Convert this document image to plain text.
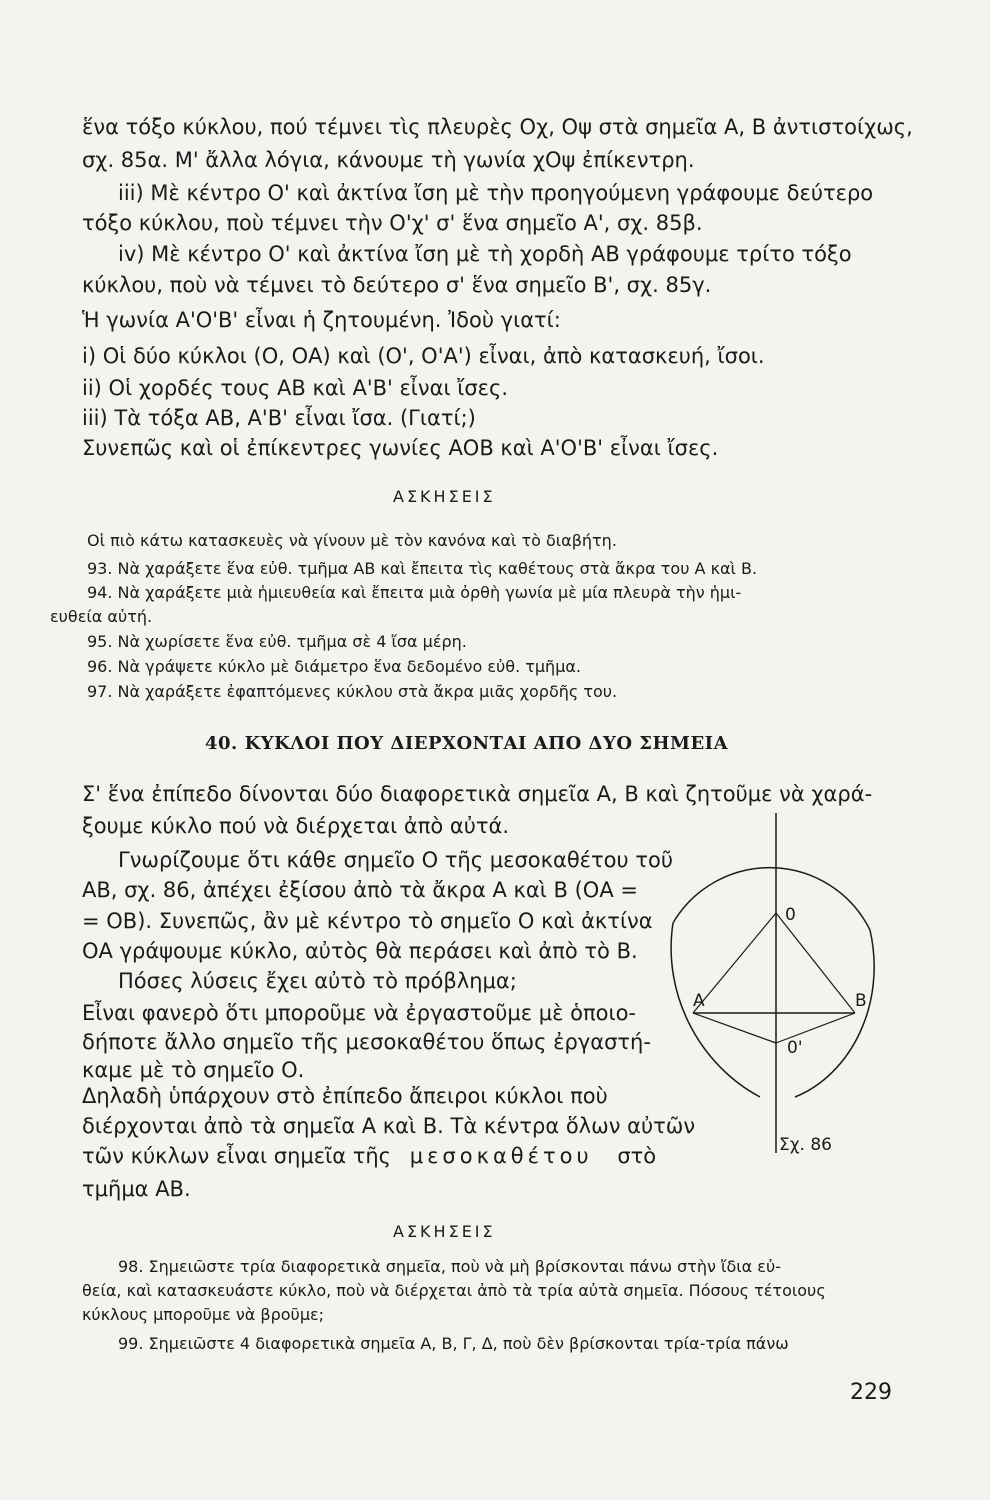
ἕνα τόξο κύκλου, πού τέμνει τὶς πλευρὲς Οχ, Οψ στὰ σημεῖα Α, Β ἀντιστοίχως,
σχ. 85α. Μ' ἄλλα λόγια, κάνουμε τὴ γωνία χΟψ ἐπίκεντρη.
iii) Μὲ κέντρο Ο' καὶ ἀκτίνα ἴση μὲ τὴν προηγούμενη γράφουμε δεύτερο
τόξο κύκλου, ποὺ τέμνει τὴν Ο'χ' σ' ἕνα σημεῖο Α', σχ. 85β.
iv) Μὲ κέντρο Ο' καὶ ἀκτίνα ἴση μὲ τὴ χορδὴ ΑΒ γράφουμε τρίτο τόξο
κύκλου, ποὺ νὰ τέμνει τὸ δεύτερο σ' ἕνα σημεῖο Β', σχ. 85γ.
Ἡ γωνία Α'Ο'Β' εἶναι ἡ ζητουμένη. Ἰδοὺ γιατί:
i) Οἱ δύο κύκλοι (Ο, ΟΑ) καὶ (Ο', Ο'Α') εἶναι, ἀπὸ κατασκευή, ἴσοι.
ii) Οἱ χορδές τους ΑΒ καὶ Α'Β' εἶναι ἴσες.
iii) Τὰ τόξα ΑΒ, Α'Β' εἶναι ἴσα. (Γιατί;)
Συνεπῶς καὶ οἱ ἐπίκεντρες γωνίες ΑΟΒ καὶ Α'Ο'Β' εἶναι ἴσες.
ΑΣΚΗΣΕΙΣ
Οἱ πιὸ κάτω κατασκευὲς νὰ γίνουν μὲ τὸν κανόνα καὶ τὸ διαβήτη.
93. Νὰ χαράξετε ἕνα εὐθ. τμῆμα ΑΒ καὶ ἔπειτα τὶς καθέτους στὰ ἄκρα του Α καὶ Β.
94. Νὰ χαράξετε μιὰ ἡμιευθεία καὶ ἔπειτα μιὰ ὀρθὴ γωνία μὲ μία πλευρὰ τὴν ἡμι-
ευθεία αὐτή.
95. Νὰ χωρίσετε ἕνα εὐθ. τμῆμα σὲ 4 ἴσα μέρη.
96. Νὰ γράψετε κύκλο μὲ διάμετρο ἕνα δεδομένο εὐθ. τμῆμα.
97. Νὰ χαράξετε ἐφαπτόμενες κύκλου στὰ ἄκρα μιᾶς χορδῆς του.
40. ΚΥΚΛΟΙ ΠΟΥ ΔΙΕΡΧΟΝΤΑΙ ΑΠΟ ΔΥΟ ΣΗΜΕΙΑ
Σ' ἕνα ἐπίπεδο δίνονται δύο διαφορετικὰ σημεῖα Α, Β καὶ ζητοῦμε νὰ χαρά-
ξουμε κύκλο πού νὰ διέρχεται ἀπὸ αὐτά.
Γνωρίζουμε ὅτι κάθε σημεῖο Ο τῆς μεσοκαθέτου τοῦ
ΑΒ, σχ. 86, ἀπέχει ἐξίσου ἀπὸ τὰ ἄκρα Α καὶ Β (ΟΑ =
= ΟΒ). Συνεπῶς, ἂν μὲ κέντρο τὸ σημεῖο Ο καὶ ἀκτίνα
ΟΑ γράψουμε κύκλο, αὐτὸς θὰ περάσει καὶ ἀπὸ τὸ Β.
Πόσες λύσεις ἔχει αὐτὸ τὸ πρόβλημα;
Εἶναι φανερὸ ὅτι μποροῦμε νὰ ἐργαστοῦμε μὲ ὁποιο-
δήποτε ἄλλο σημεῖο τῆς μεσοκαθέτου ὅπως ἐργαστή-
καμε μὲ τὸ σημεῖο Ο.
Δηλαδὴ ὑπάρχουν στὸ ἐπίπεδο ἄπειροι κύκλοι ποὺ
διέρχονται ἀπὸ τὰ σημεῖα Α καὶ Β. Τὰ κέντρα ὅλων αὐτῶν
τῶν κύκλων εἶναι σημεῖα τῆς μεσοκαθέτου στὸ
τμῆμα ΑΒ.
0
0'
Α	Β
Σχ. 86
ΑΣΚΗΣΕΙΣ
98. Σημειῶστε τρία διαφορετικὰ σημεῖα, ποὺ νὰ μὴ βρίσκονται πάνω στὴν ἴδια εὐ-
θεία, καὶ κατασκευάστε κύκλο, ποὺ νὰ διέρχεται ἀπὸ τὰ τρία αὐτὰ σημεῖα. Πόσους τέτοιους
κύκλους μποροῦμε νὰ βροῦμε;
99. Σημειῶστε 4 διαφορετικὰ σημεῖα Α, Β, Γ, Δ, ποὺ δὲν βρίσκονται τρία-τρία πάνω
229
